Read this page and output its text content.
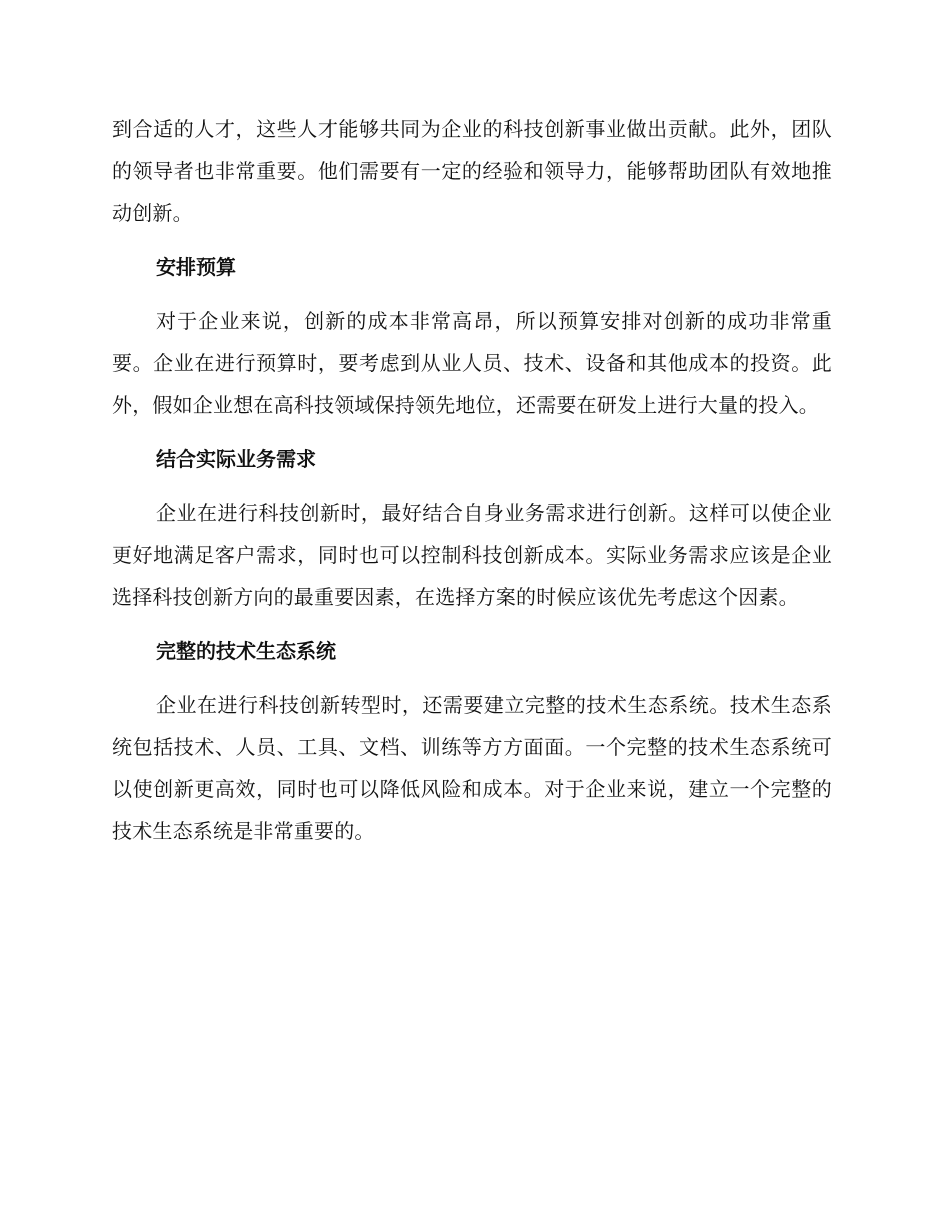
到合适的人才，这些人才能够共同为企业的科技创新事业做出贡献。此外，团队的领导者也非常重要。他们需要有一定的经验和领导力，能够帮助团队有效地推动创新。

安排预算

对于企业来说，创新的成本非常高昂，所以预算安排对创新的成功非常重要。企业在进行预算时，要考虑到从业人员、技术、设备和其他成本的投资。此外，假如企业想在高科技领域保持领先地位，还需要在研发上进行大量的投入。

结合实际业务需求

企业在进行科技创新时，最好结合自身业务需求进行创新。这样可以使企业更好地满足客户需求，同时也可以控制科技创新成本。实际业务需求应该是企业选择科技创新方向的最重要因素，在选择方案的时候应该优先考虑这个因素。

完整的技术生态系统

企业在进行科技创新转型时，还需要建立完整的技术生态系统。技术生态系统包括技术、人员、工具、文档、训练等方方面面。一个完整的技术生态系统可以使创新更高效，同时也可以降低风险和成本。对于企业来说，建立一个完整的技术生态系统是非常重要的。
